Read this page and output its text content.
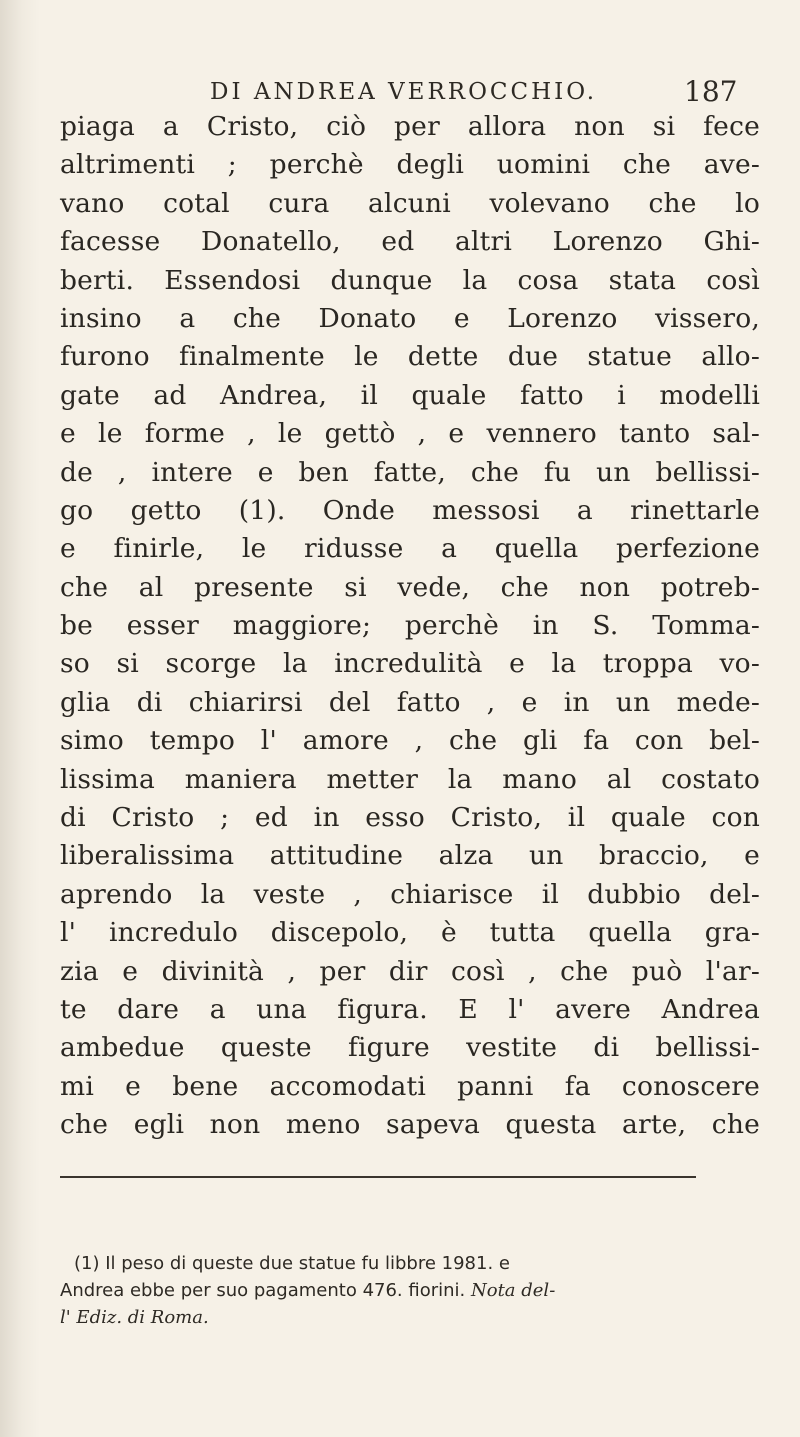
DI ANDREA VERROCCHIO.	187
piaga a Cristo, ciò per allora non si fece
altrimenti ; perchè degli uomini che ave-
vano cotal cura alcuni volevano che lo
facesse Donatello, ed altri Lorenzo Ghi-
berti. Essendosi dunque la cosa stata così
insino a che Donato e Lorenzo vissero,
furono finalmente le dette due statue allo-
gate ad Andrea, il quale fatto i modelli
e le forme , le gettò , e vennero tanto sal-
de , intere e ben fatte, che fu un bellissi-
go getto (1). Onde messosi a rinettarle
e finirle, le ridusse a quella perfezione
che al presente si vede, che non potreb-
be esser maggiore; perchè in S. Tomma-
so si scorge la incredulità e la troppa vo-
glia di chiarirsi del fatto , e in un mede-
simo tempo l' amore , che gli fa con bel-
lissima maniera metter la mano al costato
di Cristo ; ed in esso Cristo, il quale con
liberalissima attitudine alza un braccio, e
aprendo la veste , chiarisce il dubbio del-
l' incredulo discepolo, è tutta quella gra-
zia e divinità , per dir così , che può l'ar-
te dare a una figura. E l' avere Andrea
ambedue queste figure vestite di bellissi-
mi e bene accomodati panni fa conoscere
che egli non meno sapeva questa arte, che
(1) Il peso di queste due statue fu libbre 1981. e
Andrea ebbe per suo pagamento 476. fiorini. Nota del-
l' Ediz. di Roma.
